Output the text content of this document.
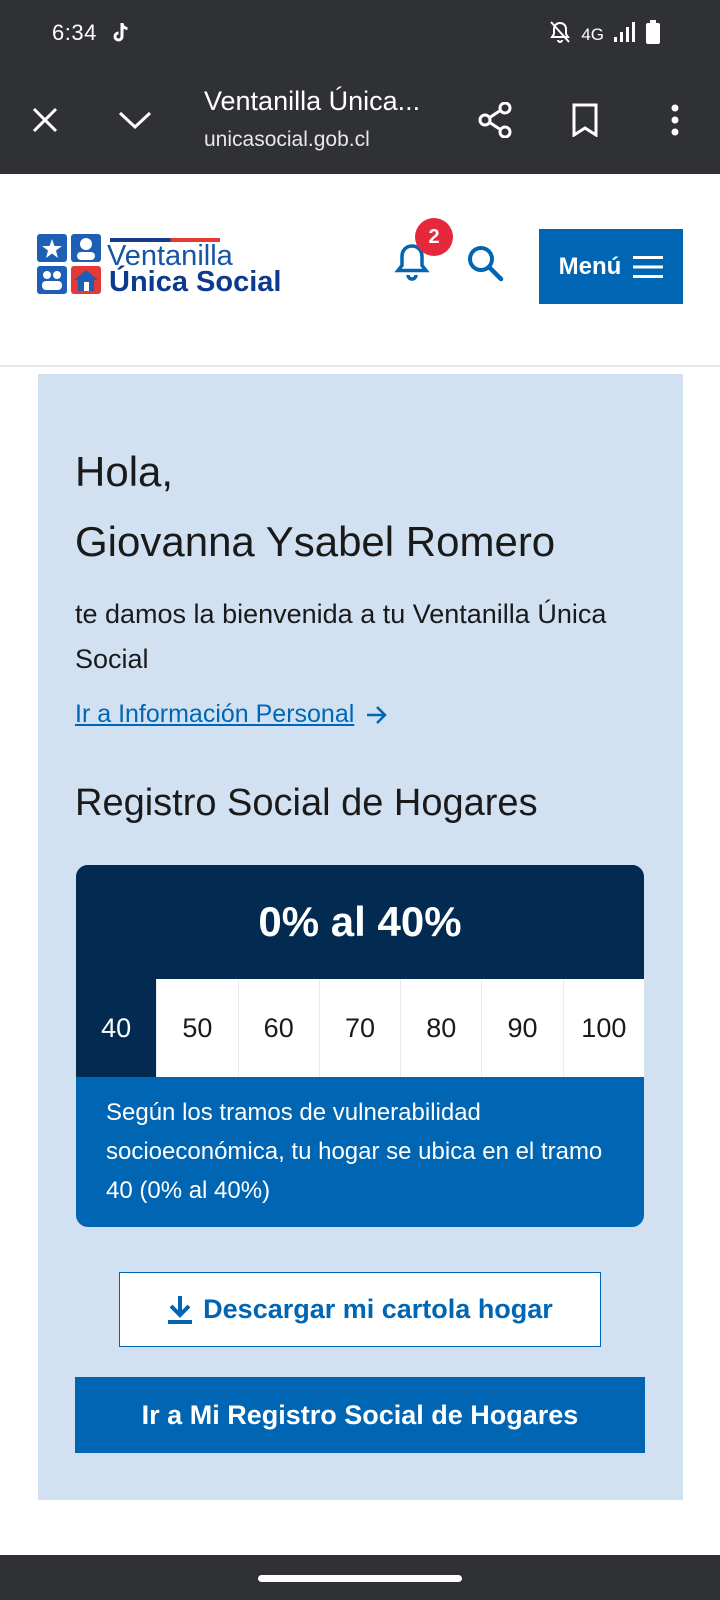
6:34	4G
Ventanilla Única...
unicasocial.gob.cl
Ventanilla
Única Social
2
Menú
Hola,
Giovanna Ysabel Romero
te damos la bienvenida a tu Ventanilla Única Social
Ir a Información Personal
Registro Social de Hogares
0% al 40%
40	50	60	70	80	90	100
Según los tramos de vulnerabilidad socioeconómica, tu hogar se ubica en el tramo 40 (0% al 40%)
Descargar mi cartola hogar
Ir a Mi Registro Social de Hogares
